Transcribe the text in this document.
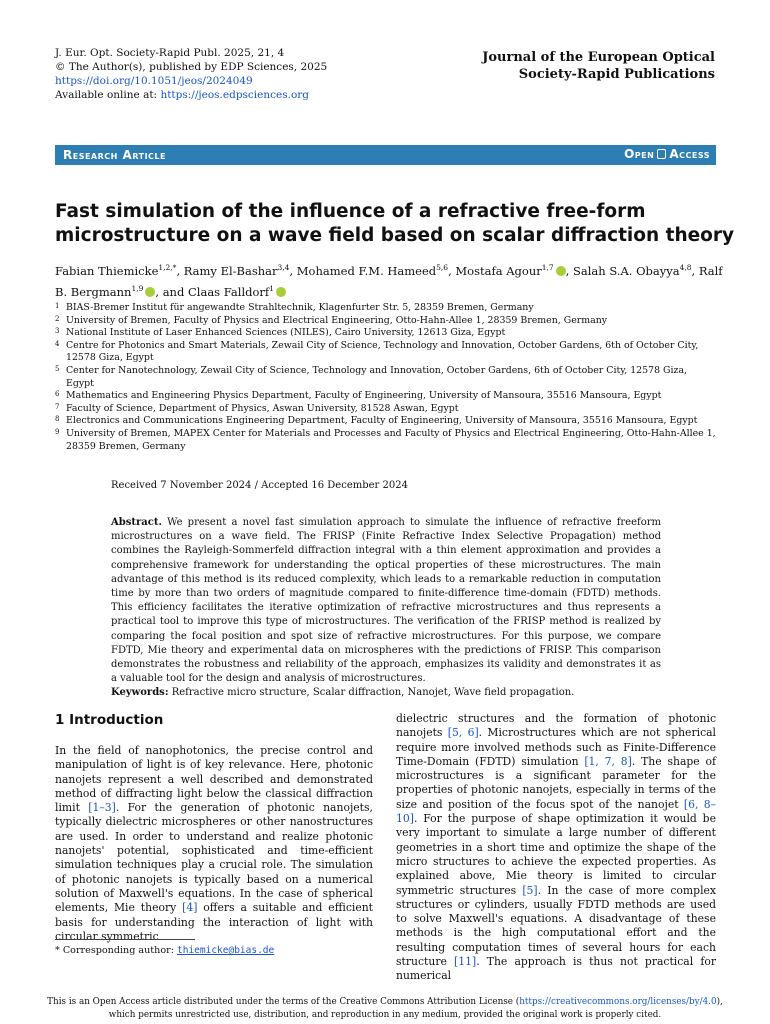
J. Eur. Opt. Society-Rapid Publ. 2025, 21, 4
© The Author(s), published by EDP Sciences, 2025
https://doi.org/10.1051/jeos/2024049
Available online at: https://jeos.edpsciences.org
Journal of the European Optical
Society-Rapid Publications
Research Article	Open Access
Fast simulation of the influence of a refractive free-form microstructure on a wave field based on scalar diffraction theory
Fabian Thiemicke$^{1,2,*}$, Ramy El-Bashar$^{3,4}$, Mohamed F.M. Hameed$^{5,6}$, Mostafa Agour$^{1,7}$ , Salah S.A. Obayya$^{4,8}$, Ralf B. Bergmann$^{1,9}$ , and Claas Falldorf$^1$
1 BIAS-Bremer Institut für angewandte Strahltechnik, Klagenfurter Str. 5, 28359 Bremen, Germany
2 University of Bremen, Faculty of Physics and Electrical Engineering, Otto-Hahn-Allee 1, 28359 Bremen, Germany
3 National Institute of Laser Enhanced Sciences (NILES), Cairo University, 12613 Giza, Egypt
4 Centre for Photonics and Smart Materials, Zewail City of Science, Technology and Innovation, October Gardens, 6th of October City, 12578 Giza, Egypt
5 Center for Nanotechnology, Zewail City of Science, Technology and Innovation, October Gardens, 6th of October City, 12578 Giza, Egypt
6 Mathematics and Engineering Physics Department, Faculty of Engineering, University of Mansoura, 35516 Mansoura, Egypt
7 Faculty of Science, Department of Physics, Aswan University, 81528 Aswan, Egypt
8 Electronics and Communications Engineering Department, Faculty of Engineering, University of Mansoura, 35516 Mansoura, Egypt
9 University of Bremen, MAPEX Center for Materials and Processes and Faculty of Physics and Electrical Engineering, Otto-Hahn-Allee 1, 28359 Bremen, Germany
Received 7 November 2024 / Accepted 16 December 2024
Abstract. We present a novel fast simulation approach to simulate the influence of refractive freeform microstructures on a wave field. The FRISP (Finite Refractive Index Selective Propagation) method combines the Rayleigh-Sommerfeld diffraction integral with a thin element approximation and provides a comprehensive framework for understanding the optical properties of these microstructures. The main advantage of this method is its reduced complexity, which leads to a remarkable reduction in computation time by more than two orders of magnitude compared to finite-difference time-domain (FDTD) methods. This efficiency facilitates the iterative optimization of refractive microstructures and thus represents a practical tool to improve this type of microstructures. The verification of the FRISP method is realized by comparing the focal position and spot size of refractive microstructures. For this purpose, we compare FDTD, Mie theory and experimental data on microspheres with the predictions of FRISP. This comparison demonstrates the robustness and reliability of the approach, emphasizes its validity and demonstrates it as a valuable tool for the design and analysis of microstructures.
Keywords: Refractive micro structure, Scalar diffraction, Nanojet, Wave field propagation.
1 Introduction
In the field of nanophotonics, the precise control and manipulation of light is of key relevance. Here, photonic nanojets represent a well described and demonstrated method of diffracting light below the classical diffraction limit [1–3]. For the generation of photonic nanojets, typically dielectric microspheres or other nanostructures are used. In order to understand and realize photonic nanojets' potential, sophisticated and time-efficient simulation techniques play a crucial role. The simulation of photonic nanojets is typically based on a numerical solution of Maxwell's equations. In the case of spherical elements, Mie theory [4] offers a suitable and efficient basis for understanding the interaction of light with circular symmetric
dielectric structures and the formation of photonic nanojets [5, 6]. Microstructures which are not spherical require more involved methods such as Finite-Difference Time-Domain (FDTD) simulation [1, 7, 8]. The shape of microstructures is a significant parameter for the properties of photonic nanojets, especially in terms of the size and position of the focus spot of the nanojet [6, 8–10]. For the purpose of shape optimization it would be very important to simulate a large number of different geometries in a short time and optimize the shape of the micro structures to achieve the expected properties. As explained above, Mie theory is limited to circular symmetric structures [5]. In the case of more complex structures or cylinders, usually FDTD methods are used to solve Maxwell's equations. A disadvantage of these methods is the high computational effort and the resulting computation times of several hours for each structure [11]. The approach is thus not practical for numerical
* Corresponding author: thiemicke@bias.de
This is an Open Access article distributed under the terms of the Creative Commons Attribution License (https://creativecommons.org/licenses/by/4.0),
which permits unrestricted use, distribution, and reproduction in any medium, provided the original work is properly cited.
